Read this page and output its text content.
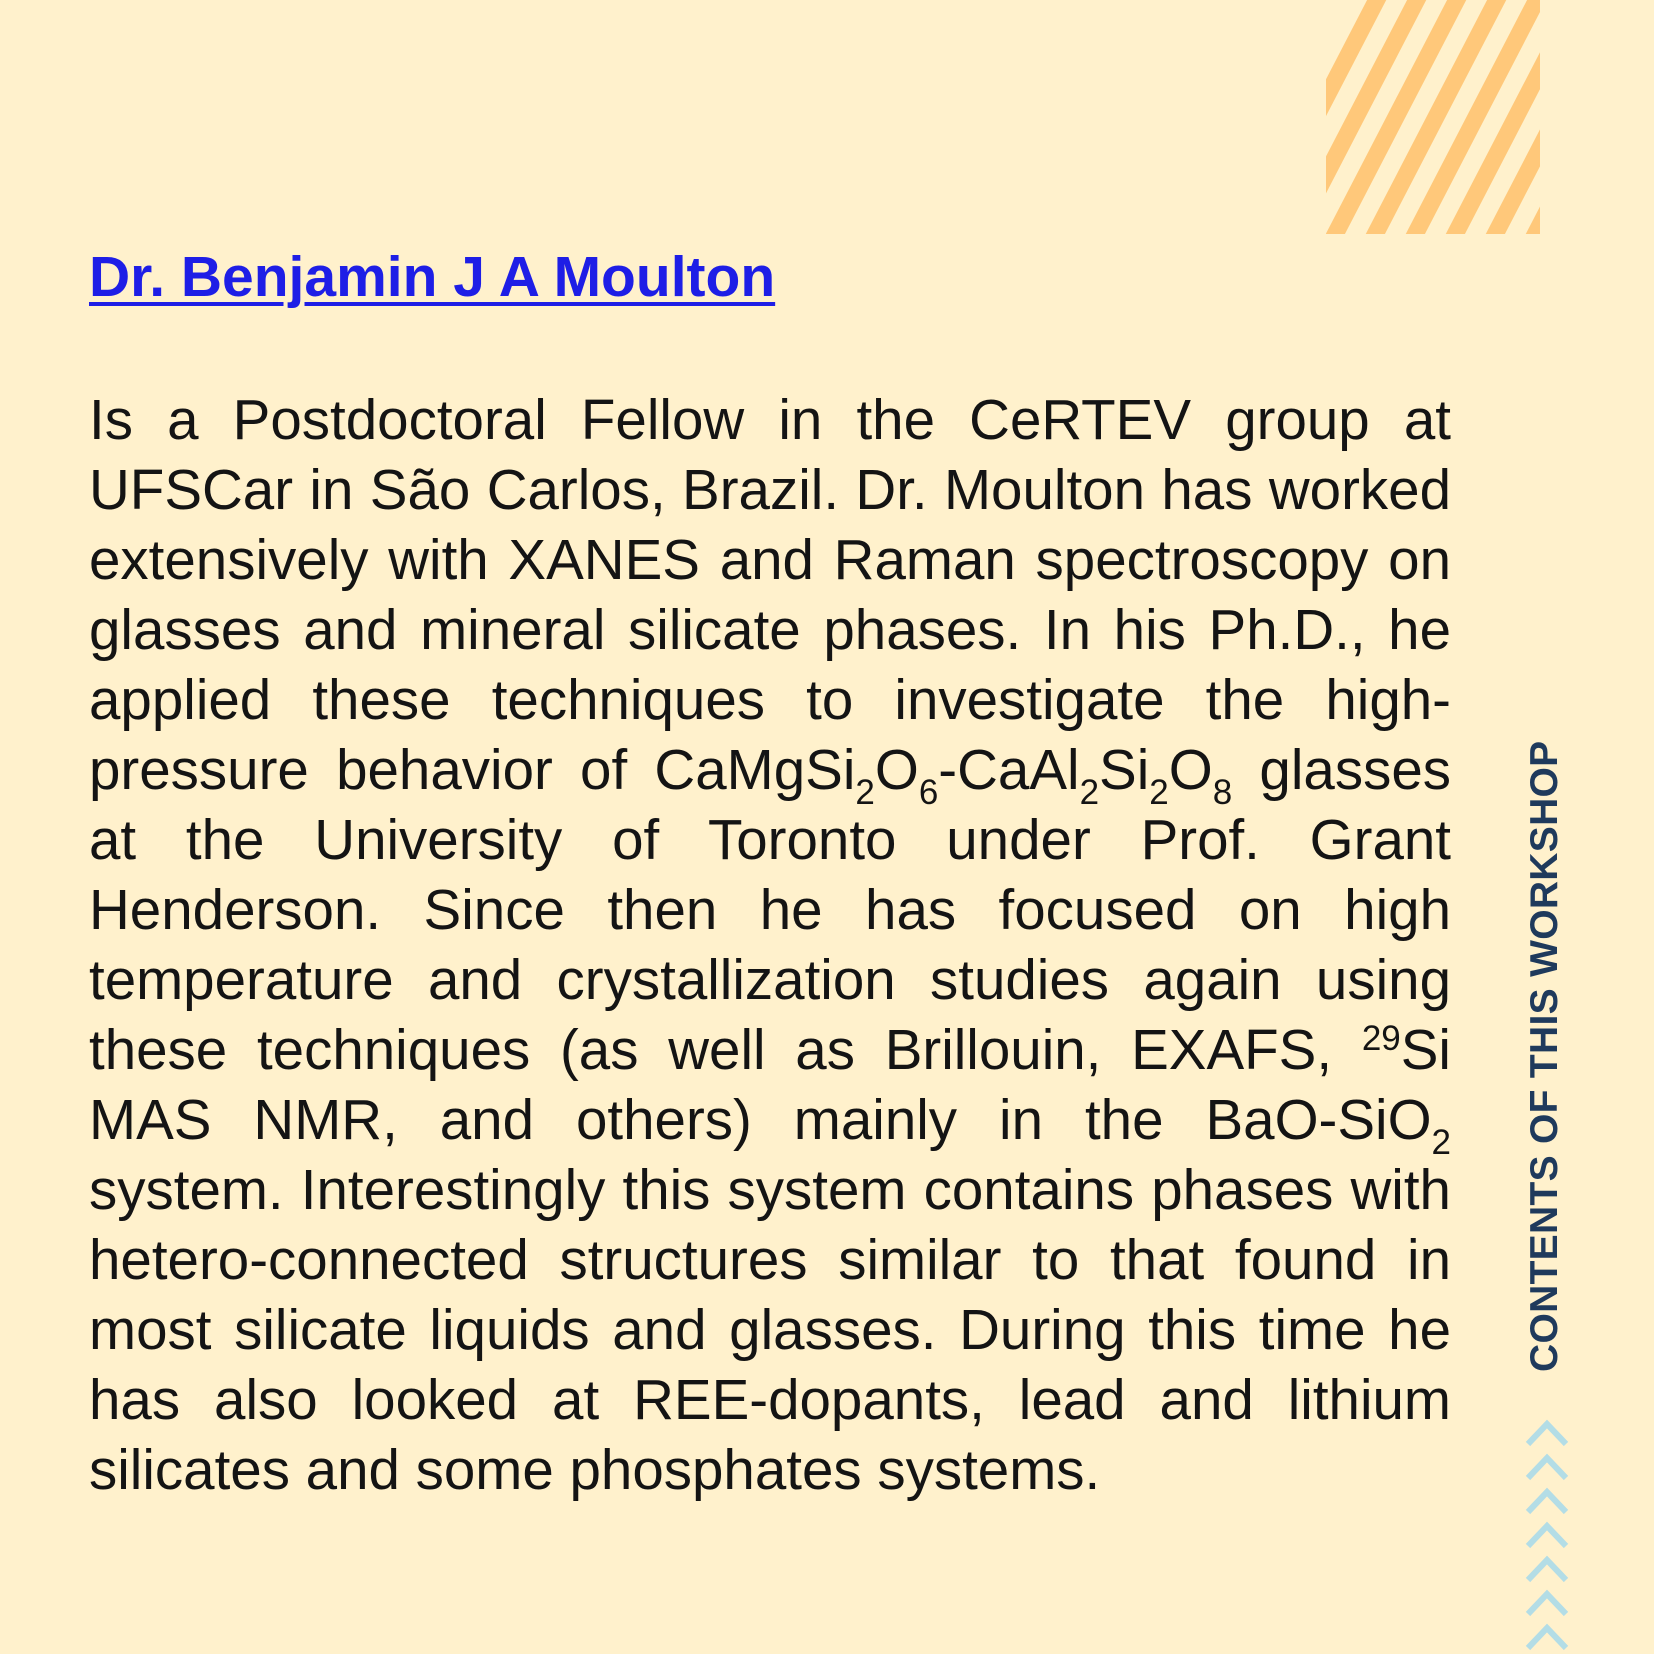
Dr. Benjamin J A Moulton

Is a Postdoctoral Fellow in the CeRTEV group at UFSCar in São Carlos, Brazil. Dr. Moulton has worked extensively with XANES and Raman spectroscopy on glasses and mineral silicate phases. In his Ph.D., he applied these techniques to investigate the high-pressure behavior of $CaMgSi_2O_6-CaAl_2Si_2O_8$ glasses at the University of Toronto under Prof. Grant Henderson. Since then he has focused on high temperature and crystallization studies again using these techniques (as well as Brillouin, EXAFS, $^{29}$Si MAS NMR, and others) mainly in the BaO-SiO$_2$ system. Interestingly this system contains phases with hetero-connected structures similar to that found in most silicate liquids and glasses. During this time he has also looked at REE-dopants, lead and lithium silicates and some phosphates systems.

CONTENTS OF THIS WORKSHOP
